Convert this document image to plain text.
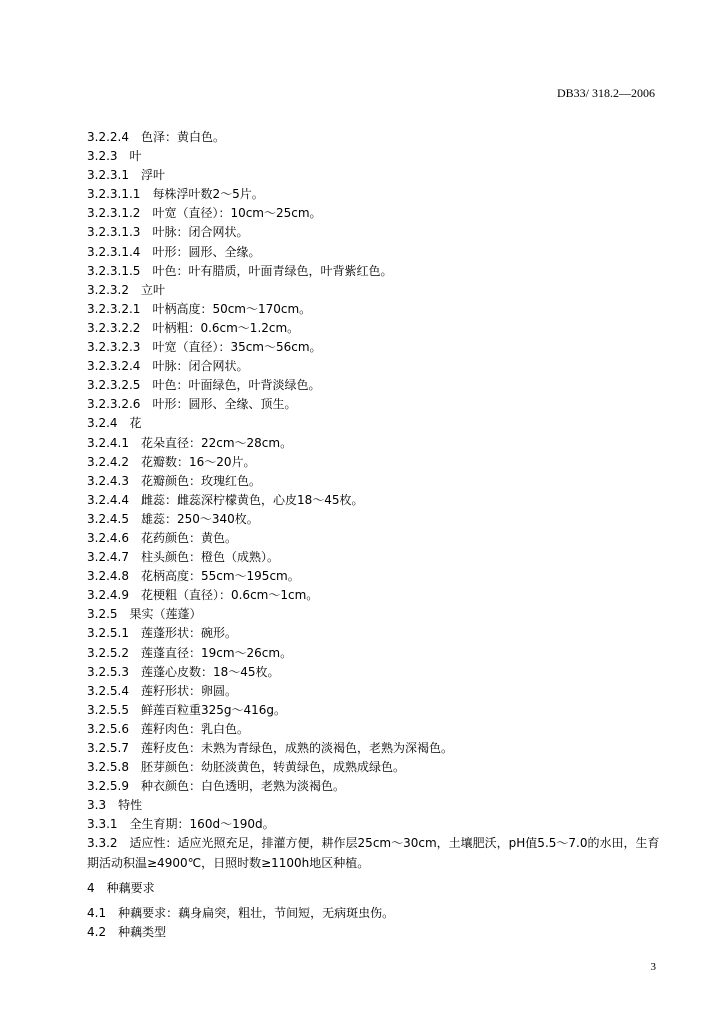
DB33/ 318.2—2006
3.2.2.4 色泽：黄白色。
3.2.3 叶
3.2.3.1 浮叶
3.2.3.1.1 每株浮叶数2～5片。
3.2.3.1.2 叶宽（直径）：10cm～25cm。
3.2.3.1.3 叶脉：闭合网状。
3.2.3.1.4 叶形：圆形、全缘。
3.2.3.1.5 叶色：叶有腊质，叶面青绿色，叶背紫红色。
3.2.3.2 立叶
3.2.3.2.1 叶柄高度：50cm～170cm。
3.2.3.2.2 叶柄粗：0.6cm～1.2cm。
3.2.3.2.3 叶宽（直径）：35cm～56cm。
3.2.3.2.4 叶脉：闭合网状。
3.2.3.2.5 叶色：叶面绿色，叶背淡绿色。
3.2.3.2.6 叶形：圆形、全缘、顶生。
3.2.4 花
3.2.4.1 花朵直径：22cm～28cm。
3.2.4.2 花瓣数：16～20片。
3.2.4.3 花瓣颜色：玫瑰红色。
3.2.4.4 雌蕊：雌蕊深柠檬黄色，心皮18～45枚。
3.2.4.5 雄蕊：250～340枚。
3.2.4.6 花药颜色：黄色。
3.2.4.7 柱头颜色：橙色（成熟）。
3.2.4.8 花柄高度：55cm～195cm。
3.2.4.9 花梗粗（直径）：0.6cm～1cm。
3.2.5 果实（莲蓬）
3.2.5.1 莲蓬形状：碗形。
3.2.5.2 莲蓬直径：19cm～26cm。
3.2.5.3 莲蓬心皮数：18～45枚。
3.2.5.4 莲籽形状：卵圆。
3.2.5.5 鲜莲百粒重325g～416g。
3.2.5.6 莲籽肉色：乳白色。
3.2.5.7 莲籽皮色：未熟为青绿色，成熟的淡褐色，老熟为深褐色。
3.2.5.8 胚芽颜色：幼胚淡黄色，转黄绿色，成熟成绿色。
3.2.5.9 种衣颜色：白色透明，老熟为淡褐色。
3.3 特性
3.3.1 全生育期：160d～190d。
3.3.2 适应性：适应光照充足，排灌方便，耕作层25cm～30cm，土壤肥沃，pH值5.5～7.0的水田，生育期活动积温≥4900℃，日照时数≥1100h地区种植。
4 种藕要求
4.1 种藕要求：藕身扁突，粗壮，节间短，无病斑虫伤。
4.2 种藕类型
3
